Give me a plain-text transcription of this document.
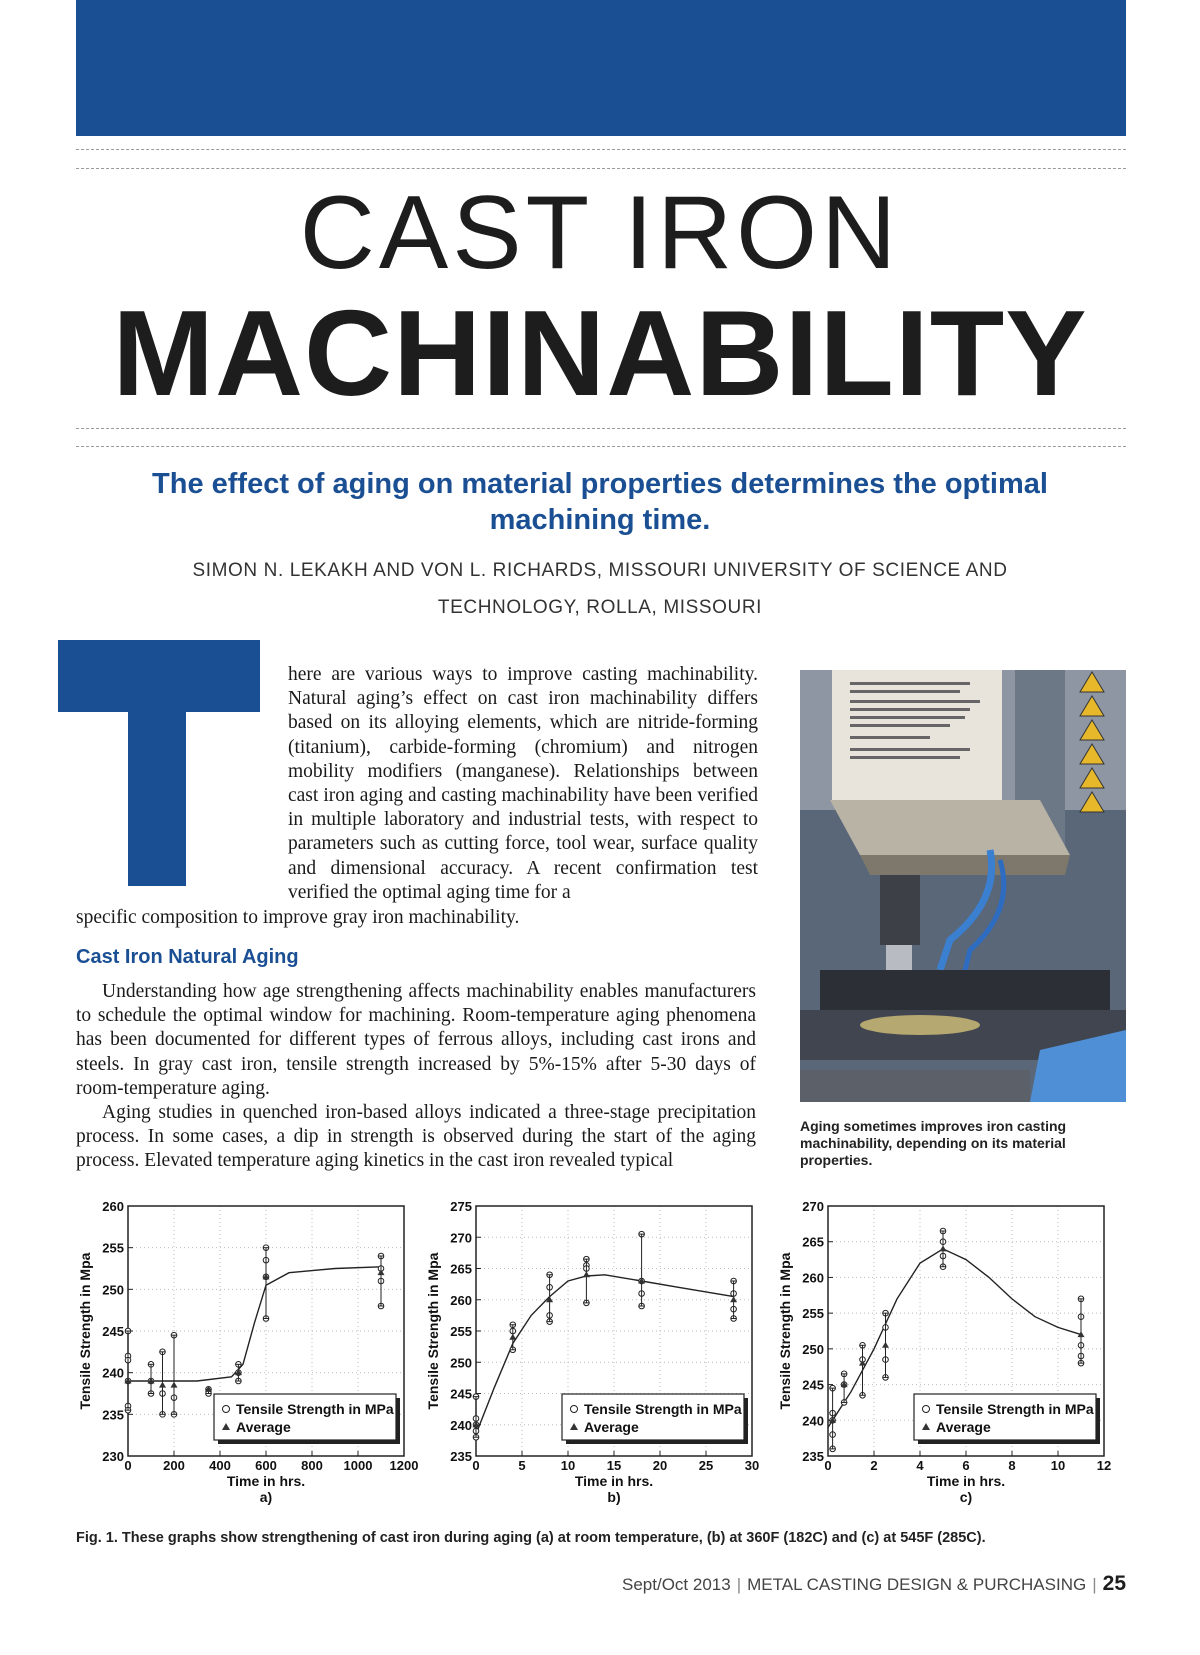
CAST IRON
MACHINABILITY
The effect of aging on material properties determines the optimal machining time.
SIMON N. LEKAKH AND VON L. RICHARDS, MISSOURI UNIVERSITY OF SCIENCE AND TECHNOLOGY, ROLLA, MISSOURI
here are various ways to improve casting machinability. Natural aging’s effect on cast iron machinability differs based on its alloying elements, which are nitride-forming (titanium), carbide-forming (chromium) and nitrogen mobility modifiers (manganese). Relationships between cast iron aging and casting machinability have been verified in multiple laboratory and industrial tests, with respect to parameters such as cutting force, tool wear, surface quality and dimensional accuracy. A recent confirmation test verified the optimal aging time for a
specific composition to improve gray iron machinability.
Cast Iron Natural Aging

Understanding how age strengthening affects machinability enables manufacturers to schedule the optimal window for machining. Room-temperature aging phenomena has been documented for different types of ferrous alloys, including cast irons and steels. In gray cast iron, tensile strength increased by 5%-15% after 5-30 days of room-temperature aging.

Aging studies in quenched iron-based alloys indicated a three-stage precipitation process. In some cases, a dip in strength is observed during the start of the aging process. Elevated temperature aging kinetics in the cast iron revealed typical

Aging sometimes improves iron casting machinability, depending on its material properties.
230
235
240
245
250
255
260
0 200 400 600 800 1000 1200
Time in hrs.
a)
Tensile Strength in Mpa	Tensile Strength in MPa
Average
235
240
245
250
255
260
265
270
275
0	5	10 15 20 25 30
Time in hrs.
b)
Tensile Strength in Mpa	Tensile Strength in MPa
Average
235
240
245
250
255
260
265
270
0	2	4	6	8	10 12
Time in hrs.
c)
Tensile Strength in Mpa	Tensile Strength in MPa
Average
Fig. 1. These graphs show strengthening of cast iron during aging (a) at room temperature, (b) at 360F (182C) and (c) at 545F (285C).
Sept/Oct 2013 | METAL CASTING DESIGN & PURCHASING | 25
